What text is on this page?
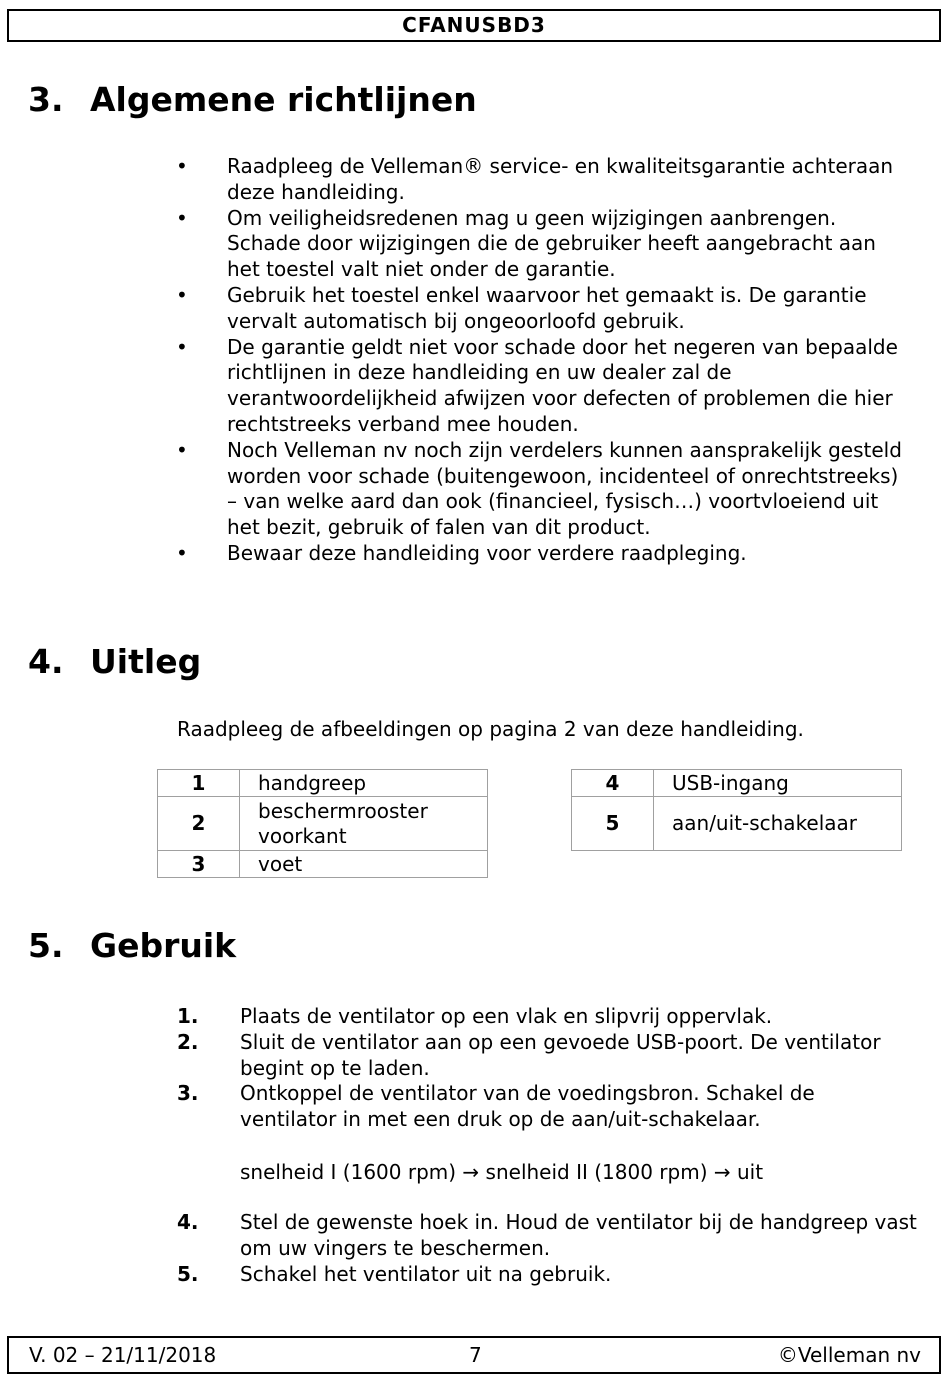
CFANUSBD3
3. Algemene richtlijnen
• Raadpleeg de Velleman® service- en kwaliteitsgarantie achteraan deze handleiding.
• Om veiligheidsredenen mag u geen wijzigingen aanbrengen. Schade door wijzigingen die de gebruiker heeft aangebracht aan het toestel valt niet onder de garantie.
• Gebruik het toestel enkel waarvoor het gemaakt is. De garantie vervalt automatisch bij ongeoorloofd gebruik.
• De garantie geldt niet voor schade door het negeren van bepaalde richtlijnen in deze handleiding en uw dealer zal de verantwoordelijkheid afwijzen voor defecten of problemen die hier rechtstreeks verband mee houden.
• Noch Velleman nv noch zijn verdelers kunnen aansprakelijk gesteld worden voor schade (buitengewoon, incidenteel of onrechtstreeks) – van welke aard dan ook (financieel, fysisch…) voortvloeiend uit het bezit, gebruik of falen van dit product.
• Bewaar deze handleiding voor verdere raadpleging.
4. Uitleg

Raadpleeg de afbeeldingen op pagina 2 van deze handleiding.

1	handgreep
2	beschermrooster voorkant
3	voet
4	USB-ingang
5	aan/uit-schakelaar
5. Gebruik
1. Plaats de ventilator op een vlak en slipvrij oppervlak.
2. Sluit de ventilator aan op een gevoede USB-poort. De ventilator begint op te laden.
3. Ontkoppel de ventilator van de voedingsbron. Schakel de ventilator in met een druk op de aan/uit-schakelaar.
4. Stel de gewenste hoek in. Houd de ventilator bij de handgreep vast om uw vingers te beschermen.
5. Schakel het ventilator uit na gebruik.

snelheid I (1600 rpm) → snelheid II (1800 rpm) → uit

V. 02 – 21/11/2018	7	©Velleman nv
